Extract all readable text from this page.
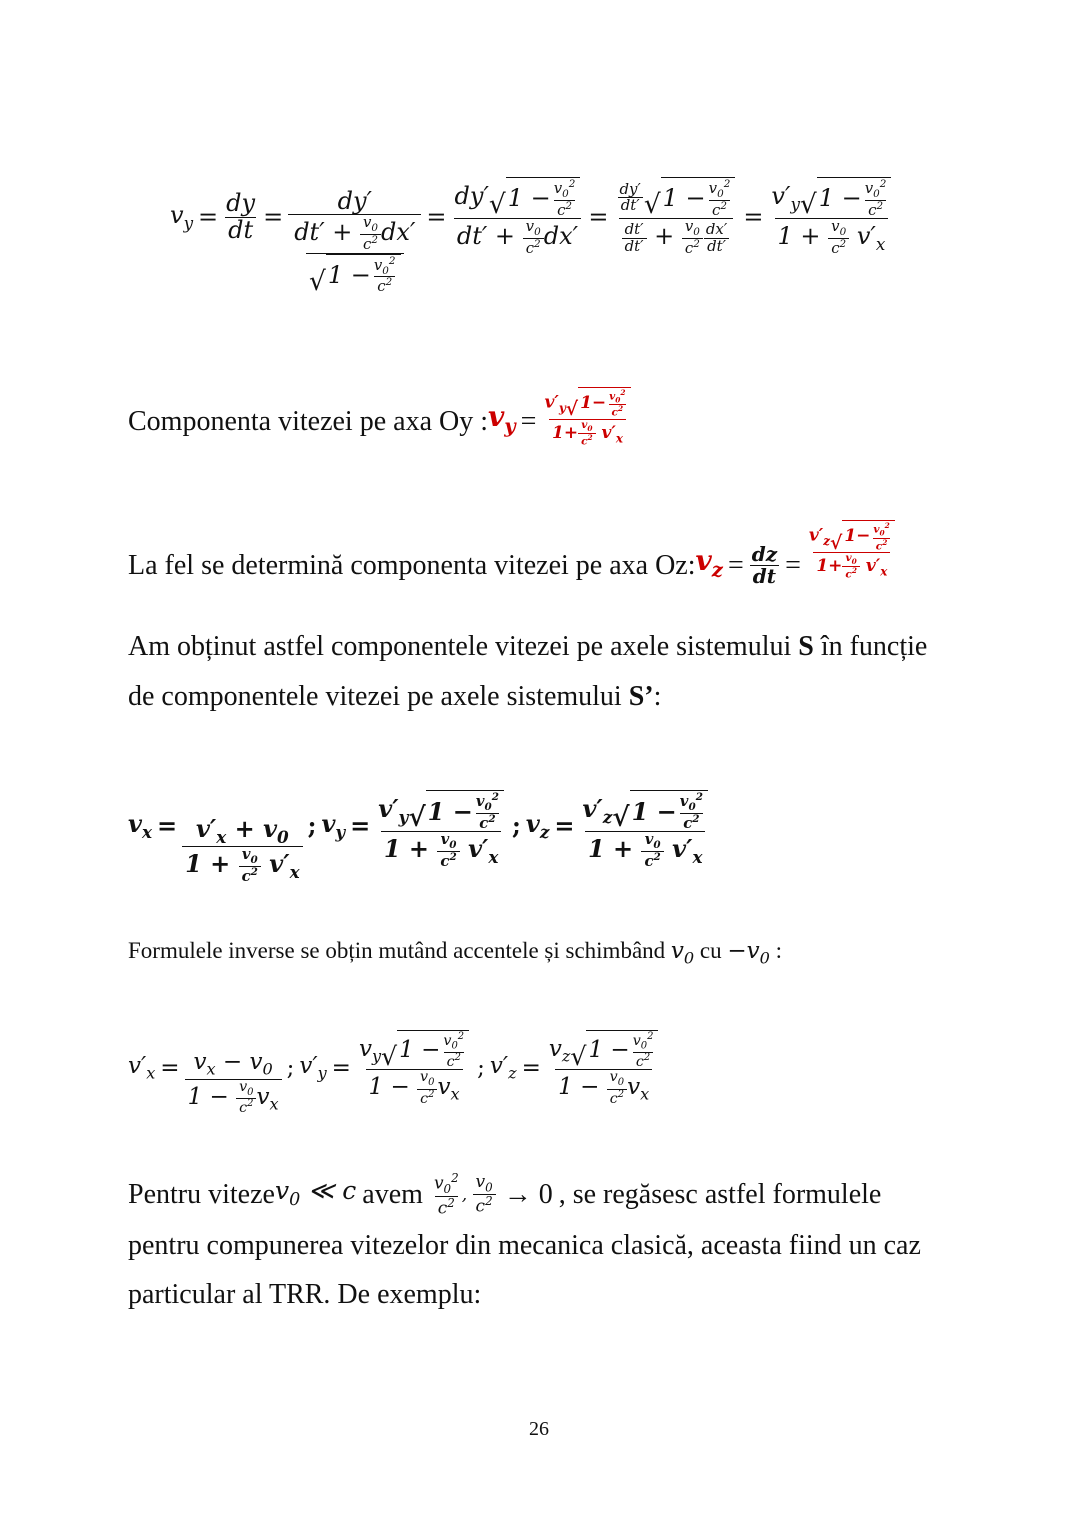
$v_y = \frac{dy}{dt} = \frac{dy'}{\frac{dt' + \frac{v_0}{c^2} dx'}{√ 1 - \frac{v_0^2}{c^2}}} = \frac{dy' √ 1 - \frac{v_0^2}{c^2}}{dt' + \frac{v_0}{c^2} dx'} = \frac{\frac{dy'}{dt'} √ 1 - \frac{v_0^2}{c^2}}{\frac{dt'}{dt'} + \frac{v_0}{c^2} \frac{dx'}{dt'}} = \frac{v'_y √ 1 - \frac{v_0^2}{c^2}}{1 + \frac{v_0}{c^2} v'_x}$
Componenta vitezei pe axa Oy : $v_y = \frac{v'_y √ 1- \frac{v_0^2}{c^2}}{1+ \frac{v_0}{c^2} v'_x}$
La fel se determină componenta vitezei pe axa Oz: $v_z = \frac{dz}{dt} = \frac{v'_z √ 1- \frac{v_0^2}{c^2}}{1+ \frac{v_0}{c^2} v'_x}$
Am obținut astfel componentele vitezei pe axele sistemului S în funcție
de componentele vitezei pe axele sistemului S’:
$v_x = \frac{v'_x + v_0}{1 + \frac{v_0}{c^2} v'_x}$ ; $v_y = \frac{v'_y √ 1 - \frac{v_0^2}{c^2}}{1 + \frac{v_0}{c^2} v'_x}$ ; $v_z = \frac{v'_z √ 1 - \frac{v_0^2}{c^2}}{1 + \frac{v_0}{c^2} v'_x}$
Formulele inverse se obțin mutând accentele și schimbând $v_0$ cu $-v_0$ :
$v'_x = \frac{v_x - v_0}{1 - \frac{v_0}{c^2} v_x}$ ; $v'_y = \frac{v_y √ 1 - \frac{v_0^2}{c^2}}{1 - \frac{v_0}{c^2} v_x}$ ; $v'_z = \frac{v_z √ 1 - \frac{v_0^2}{c^2}}{1 - \frac{v_0}{c^2} v_x}$
Pentru viteze $v_0$ ≪ c avem $\frac{v_0^2}{c^2}$ , $\frac{v_0}{c^2} \to 0$ , se regăsesc astfel formulele
pentru compunerea vitezelor din mecanica clasică, aceasta fiind un caz
particular al TRR. De exemplu:
26
